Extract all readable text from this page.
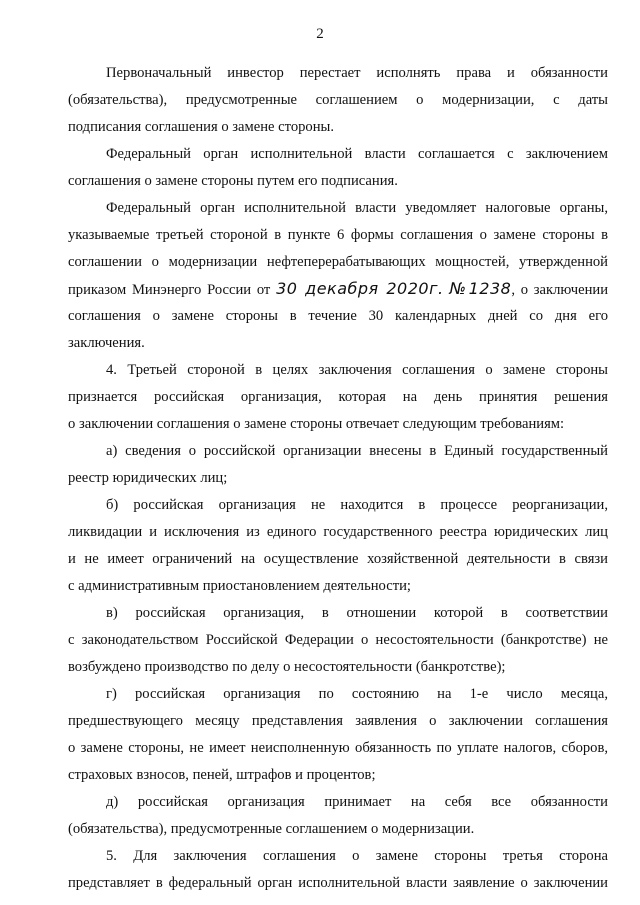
2
Первоначальный инвестор перестает исполнять права и обязанности
(обязательства), предусмотренные соглашением о модернизации, с даты
подписания соглашения о замене стороны.
Федеральный орган исполнительной власти соглашается с заключением
соглашения о замене стороны путем его подписания.
Федеральный орган исполнительной власти уведомляет налоговые органы,
указываемые третьей стороной в пункте 6 формы соглашения о замене стороны в
соглашении о модернизации нефтеперерабатывающих мощностей, утвержденной
приказом Минэнерго России от 30 декабря 2020г. №1238, о заключении
соглашения о замене стороны в течение 30 календарных дней со дня его
заключения.
4. Третьей стороной в целях заключения соглашения о замене стороны
признается российская организация, которая на день принятия решения
о заключении соглашения о замене стороны отвечает следующим требованиям:
а) сведения о российской организации внесены в Единый государственный
реестр юридических лиц;
б) российская организация не находится в процессе реорганизации,
ликвидации и исключения из единого государственного реестра юридических лиц
и не имеет ограничений на осуществление хозяйственной деятельности в связи
с административным приостановлением деятельности;
в) российская организация, в отношении которой в соответствии
с законодательством Российской Федерации о несостоятельности (банкротстве) не
возбуждено производство по делу о несостоятельности (банкротстве);
г) российская организация по состоянию на 1-е число месяца,
предшествующего месяцу представления заявления о заключении соглашения
о замене стороны, не имеет неисполненную обязанность по уплате налогов, сборов,
страховых взносов, пеней, штрафов и процентов;
д) российская организация принимает на себя все обязанности
(обязательства), предусмотренные соглашением о модернизации.
5. Для заключения соглашения о замене стороны третья сторона
представляет в федеральный орган исполнительной власти заявление о заключении
